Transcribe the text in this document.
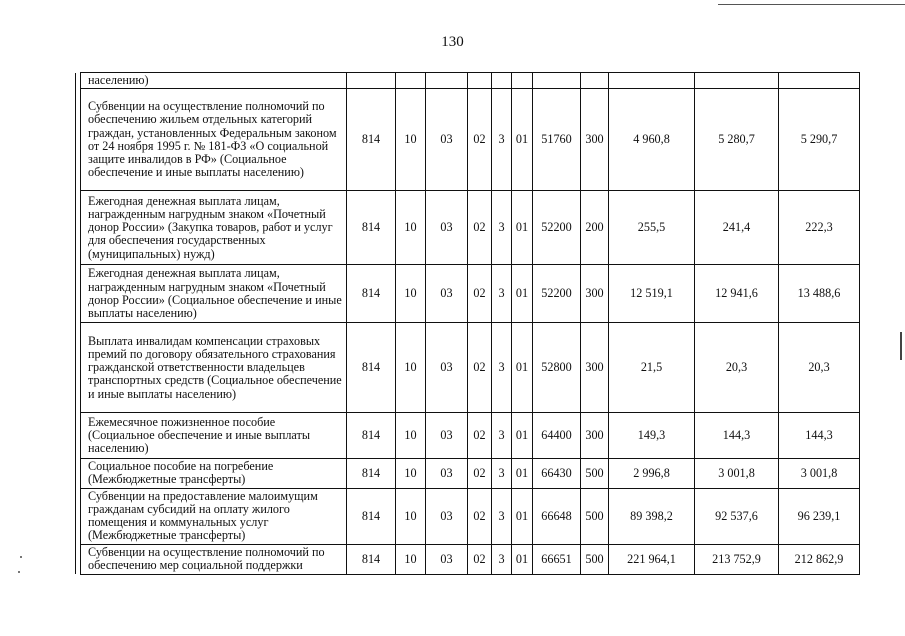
130
	населению)											
	Субвенции на осуществление полномочий по обеспечению жильем отдельных категорий граждан, установленных Федеральным законом от 24 ноября 1995 г. № 181-ФЗ «О социальной защите инвалидов в РФ» (Социальное обеспечение и иные выплаты населению)	814	10	03	02	3	01	51760	300	4 960,8	5 280,7	5 290,7
	Ежегодная денежная выплата лицам, награжденным нагрудным знаком «Почетный донор России» (Закупка товаров, работ и услуг для обеспечения государственных (муниципальных) нужд)	814	10	03	02	3	01	52200	200	255,5	241,4	222,3
	Ежегодная денежная выплата лицам, награжденным нагрудным знаком «Почетный донор России» (Социальное обеспечение и иные выплаты населению)	814	10	03	02	3	01	52200	300	12 519,1	12 941,6	13 488,6
	Выплата инвалидам компенсации страховых премий по договору обязательного страхования гражданской ответственности владельцев транспортных средств (Социальное обеспечение и иные выплаты населению)	814	10	03	02	3	01	52800	300	21,5	20,3	20,3
	Ежемесячное пожизненное пособие (Социальное обеспечение и иные выплаты населению)	814	10	03	02	3	01	64400	300	149,3	144,3	144,3
	Социальное пособие на погребение (Межбюджетные трансферты)	814	10	03	02	3	01	66430	500	2 996,8	3 001,8	3 001,8
	Субвенции на предоставление малоимущим гражданам субсидий на оплату жилого помещения и коммунальных услуг (Межбюджетные трансферты)	814	10	03	02	3	01	66648	500	89 398,2	92 537,6	96 239,1
	Субвенции на осуществление полномочий по обеспечению мер социальной поддержки	814	10	03	02	3	01	66651	500	221 964,1	213 752,9	212 862,9
